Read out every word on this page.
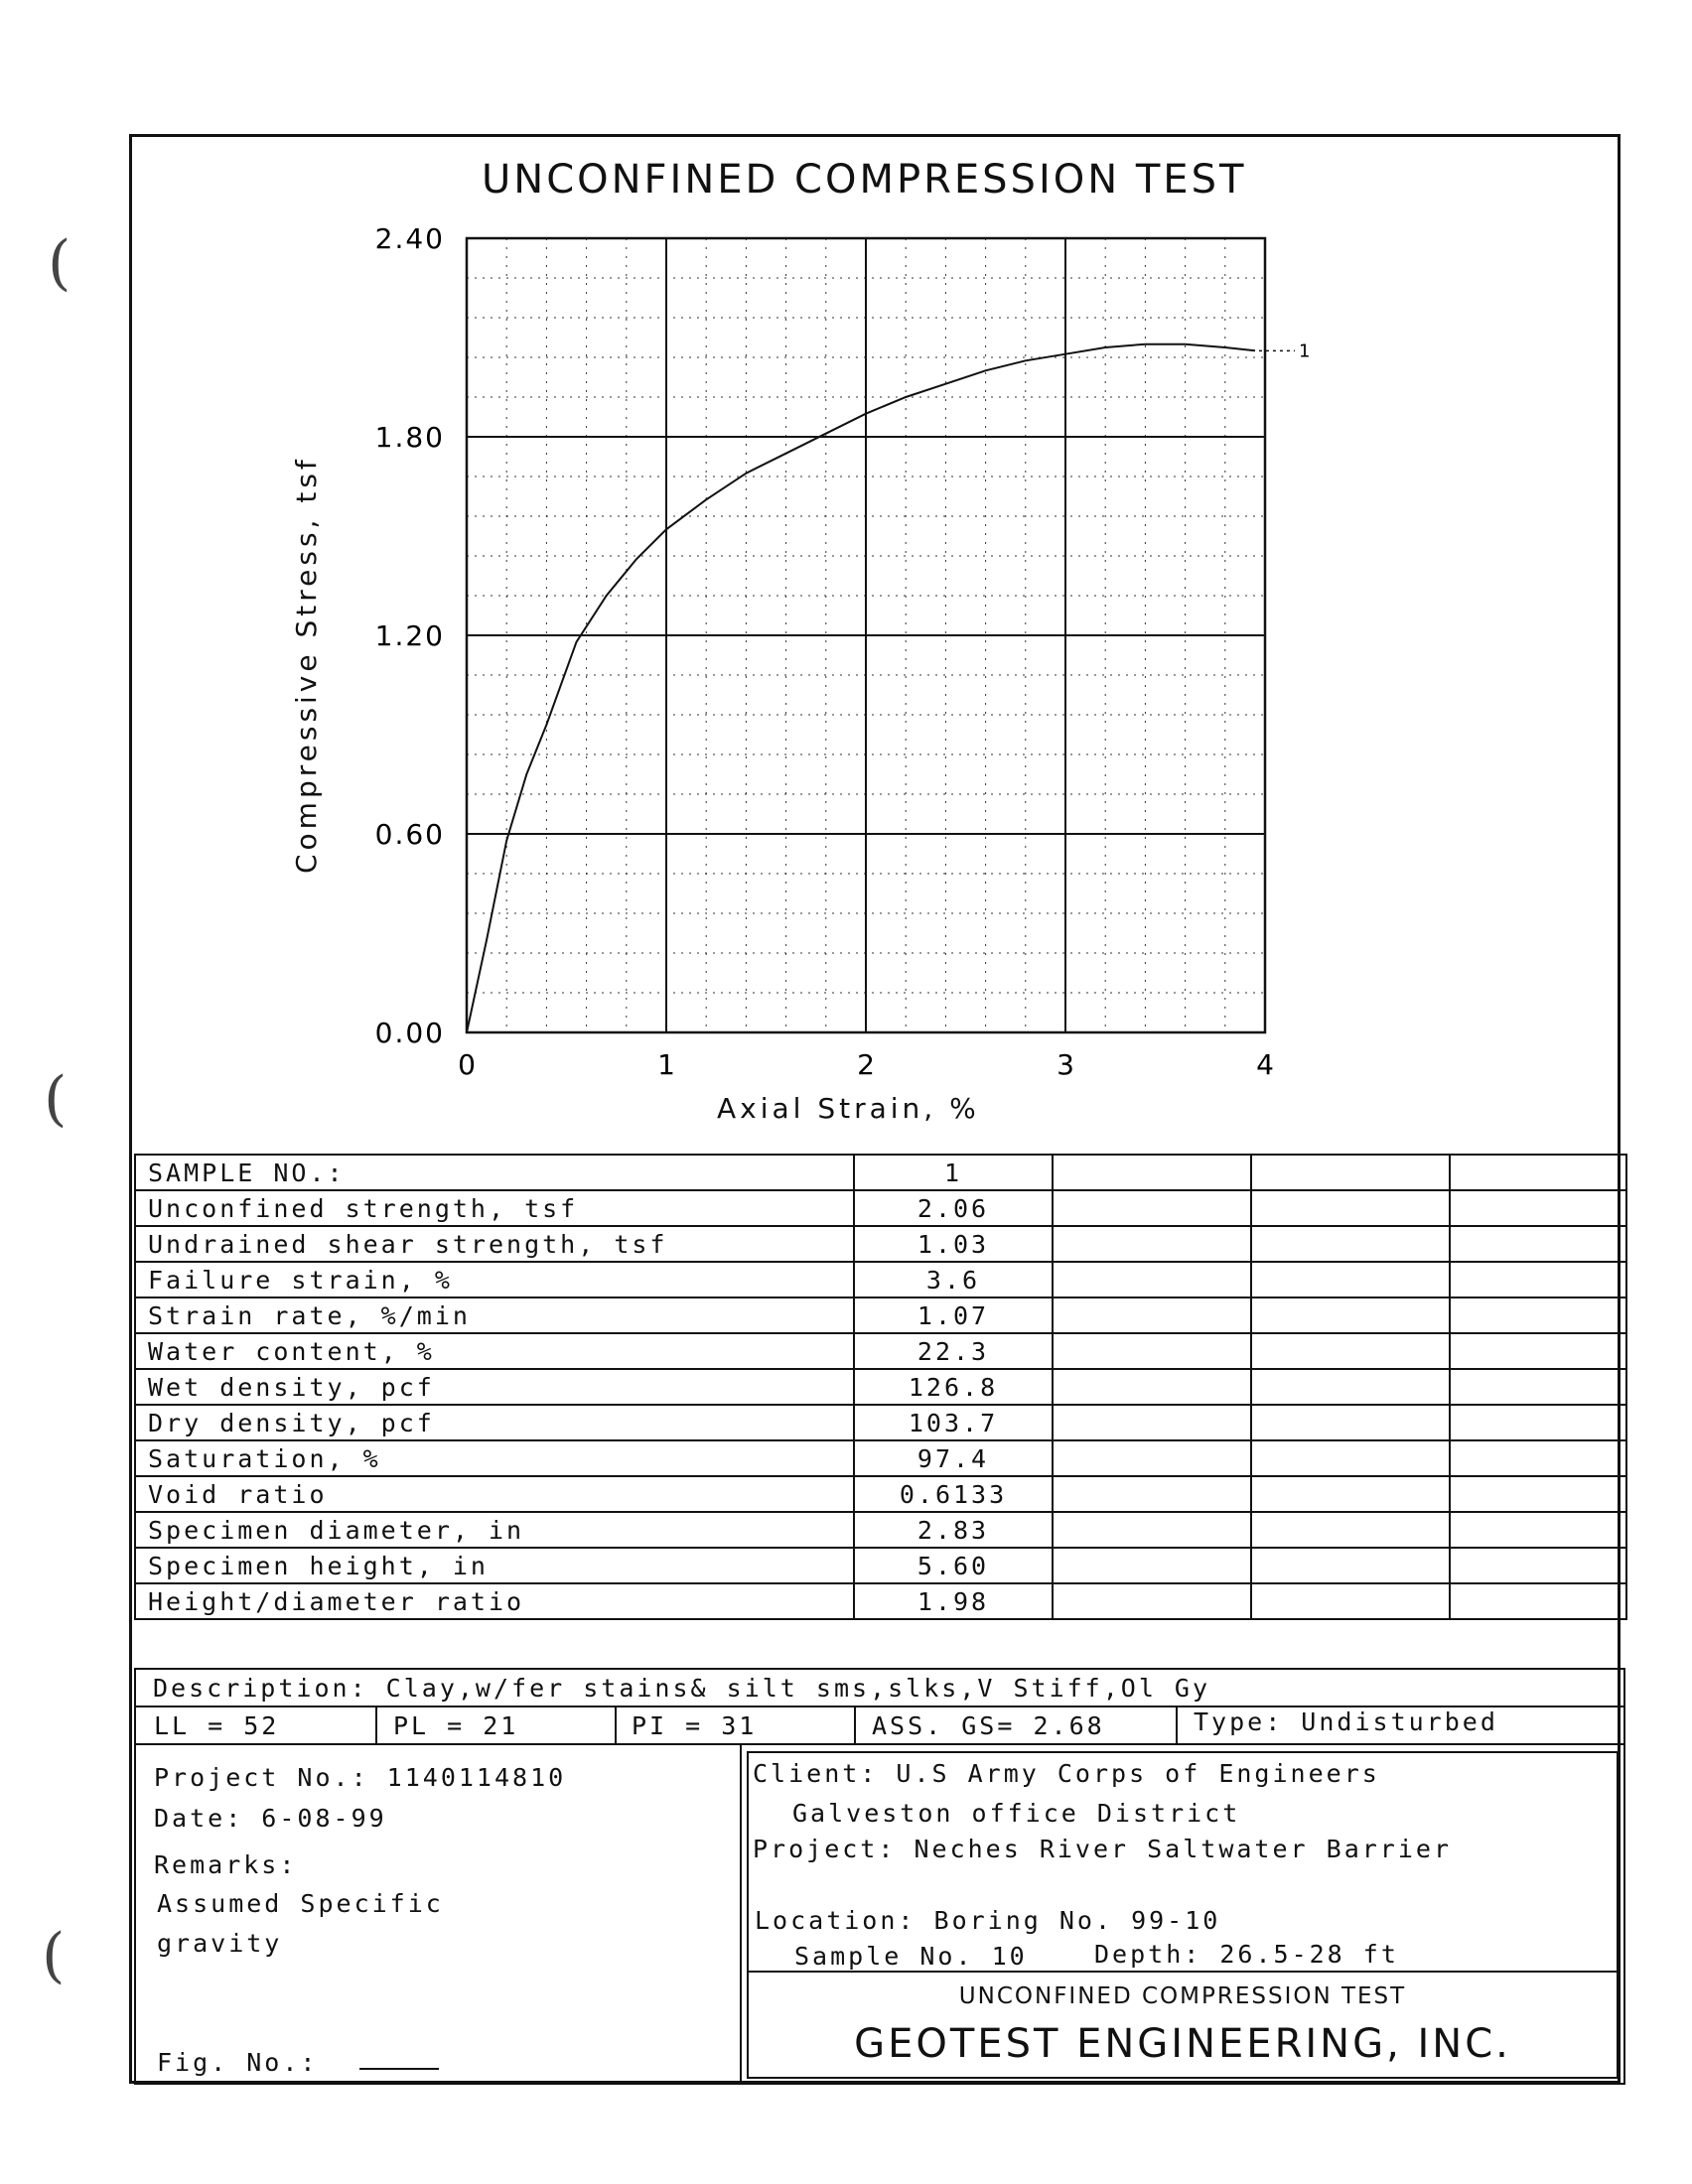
(
(
(
UNCONFINED COMPRESSION TEST
0.00
0.60
1.20
1.80
2.40
0	1	2	3	4
1
Axial Strain, %
Compressive Stress, tsf
SAMPLE NO.:	1			
Unconfined strength, tsf	2.06			
Undrained shear strength, tsf	1.03			
Failure strain, %	3.6			
Strain rate, %/min	1.07			
Water content, %	22.3			
Wet density, pcf	126.8			
Dry density, pcf	103.7			
Saturation, %	97.4			
Void ratio	0.6133			
Specimen diameter, in	2.83			
Specimen height, in	5.60			
Height/diameter ratio	1.98			
Description: Clay,w/fer stains& silt sms,slks,V Stiff,Ol Gy
LL = 52	PL = 21	PI = 31	ASS. GS= 2.68	Type: Undisturbed
Project No.: 1140114810
Date: 6-08-99
Remarks:
Assumed Specific
gravity
Fig. No.:
Client: U.S Army Corps of Engineers
Galveston office District
Project: Neches River Saltwater Barrier
Location: Boring No. 99-10
Sample No. 10	Depth: 26.5-28 ft
UNCONFINED COMPRESSION TEST
GEOTEST ENGINEERING, INC.
